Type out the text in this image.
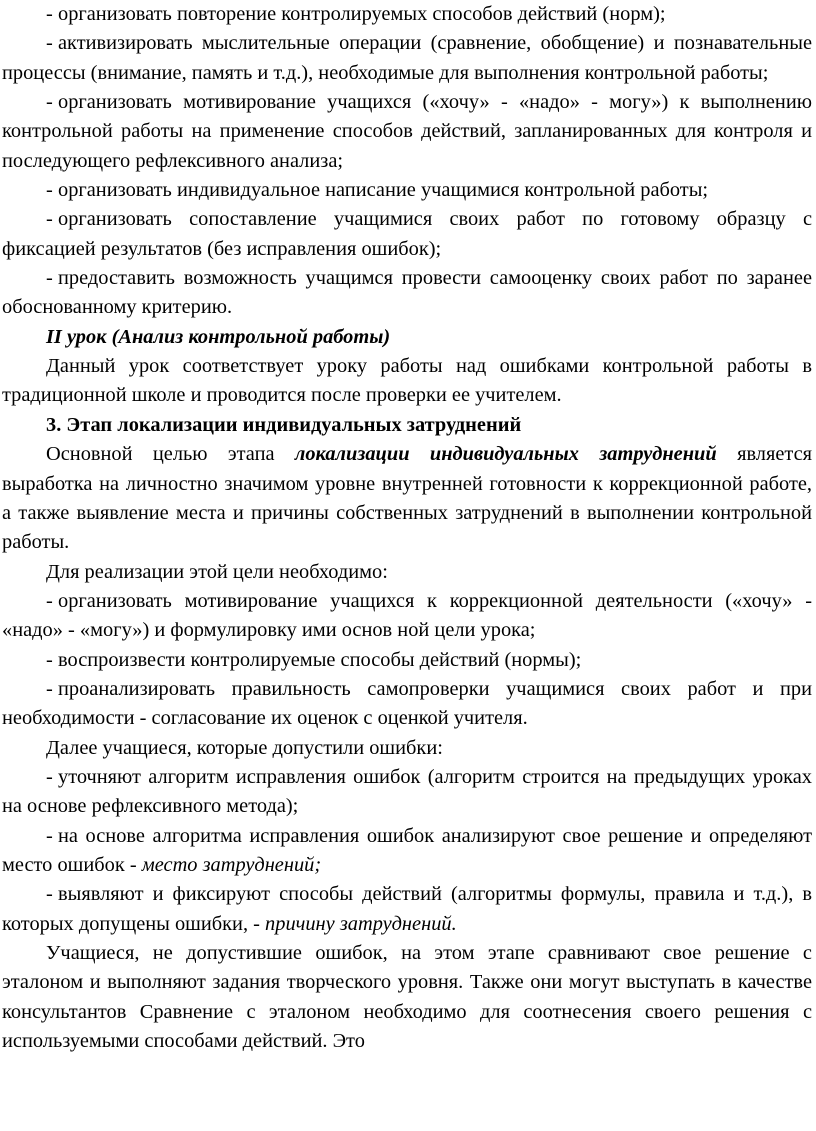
- организовать повторение контролируемых способов действий (норм);

- активизировать мыслительные операции (сравнение, обобщение) и познавательные процессы (внимание, память и т.д.), необходимые для выполнения контрольной работы;

- организовать мотивирование учащихся («хочу» - «надо» - могу») к выполнению контрольной работы на применение способов действий, запланированных для контроля и последующего рефлексивного анализа;

- организовать индивидуальное написание учащимися контрольной работы;

- организовать сопоставление учащимися своих работ по готовому образцу с фиксацией результатов (без исправления ошибок);

- предоставить возможность учащимся провести самооценку своих работ по заранее обоснованному критерию.

II урок (Анализ контрольной работы)

Данный урок соответствует уроку работы над ошибками контрольной работы в традиционной школе и проводится после проверки ее учителем.

3. Этап локализации индивидуальных затруднений

Основной целью этапа локализации индивидуальных затруднений является выработка на личностно значимом уровне внутренней готовности к коррекционной работе, а также выявление места и причины собственных затруднений в выполнении контрольной работы.

Для реализации этой цели необходимо:

- организовать мотивирование учащихся к коррекционной деятельности («хочу» - «надо» - «могу») и формулировку ими основ ной цели урока;

- воспроизвести контролируемые способы действий (нормы);

- проанализировать правильность самопроверки учащимися своих работ и при необходимости - согласование их оценок с оценкой учителя.

Далее учащиеся, которые допустили ошибки:

- уточняют алгоритм исправления ошибок (алгоритм строится на предыдущих уроках на основе рефлексивного метода);

- на основе алгоритма исправления ошибок анализируют свое решение и определяют место ошибок - место затруднений;

- выявляют и фиксируют способы действий (алгоритмы формулы, правила и т.д.), в которых допущены ошибки, - причину затруднений.

Учащиеся, не допустившие ошибок, на этом этапе сравнивают свое решение с эталоном и выполняют задания творческого уровня. Также они могут выступать в качестве консультантов Сравнение с эталоном необходимо для соотнесения своего решения с используемыми способами действий. Это
